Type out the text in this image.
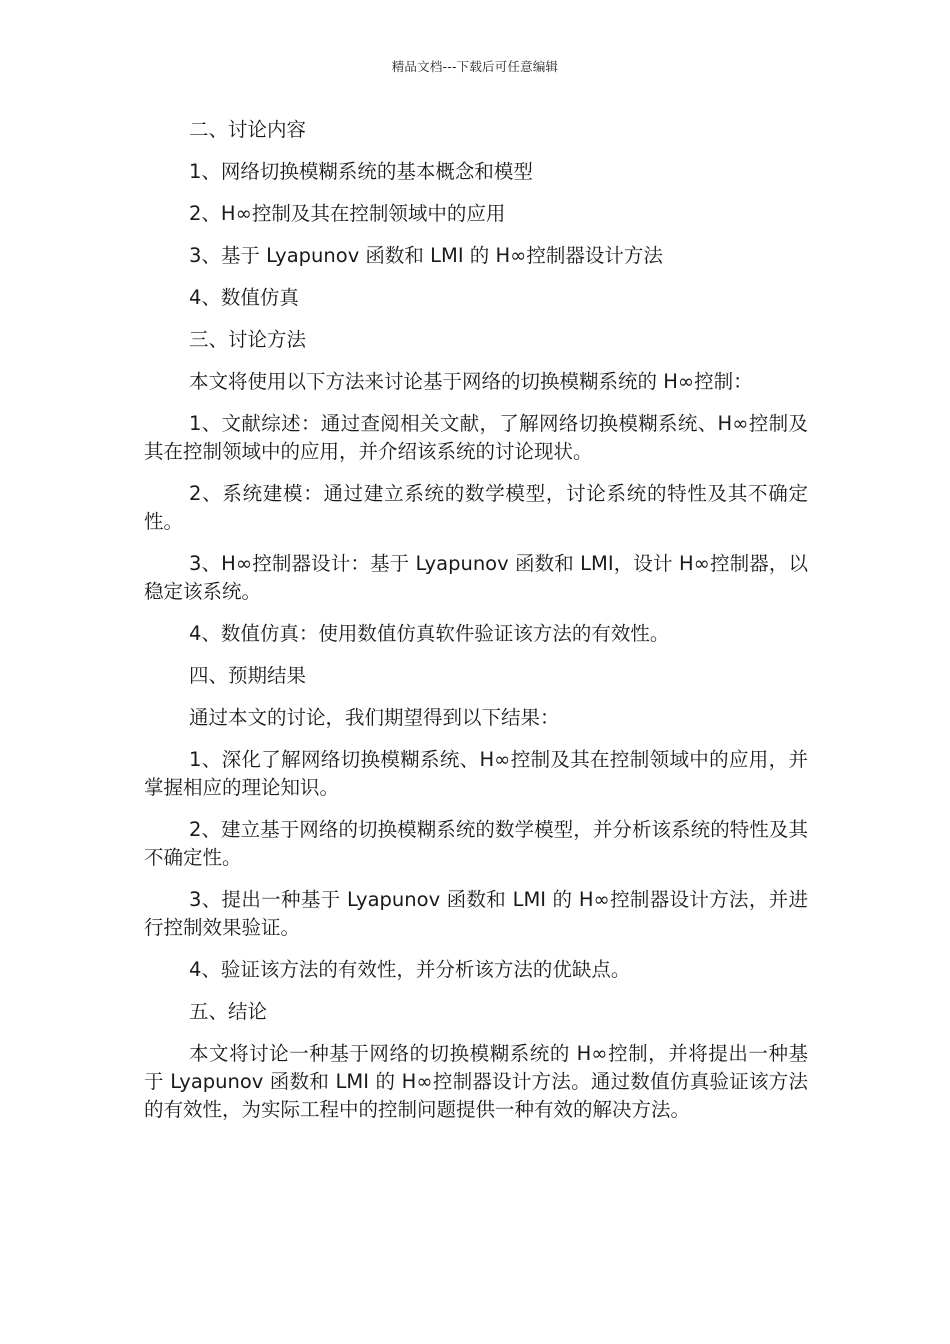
精品文档---下载后可任意编辑

二、讨论内容

1、网络切换模糊系统的基本概念和模型

2、H∞控制及其在控制领域中的应用

3、基于 Lyapunov 函数和 LMI 的 H∞控制器设计方法

4、数值仿真

三、讨论方法

本文将使用以下方法来讨论基于网络的切换模糊系统的 H∞控制：

1、文献综述：通过查阅相关文献，了解网络切换模糊系统、H∞控制及其在控制领域中的应用，并介绍该系统的讨论现状。

2、系统建模：通过建立系统的数学模型，讨论系统的特性及其不确定性。

3、H∞控制器设计：基于 Lyapunov 函数和 LMI，设计 H∞控制器，以稳定该系统。

4、数值仿真：使用数值仿真软件验证该方法的有效性。

四、预期结果

通过本文的讨论，我们期望得到以下结果：

1、深化了解网络切换模糊系统、H∞控制及其在控制领域中的应用，并掌握相应的理论知识。

2、建立基于网络的切换模糊系统的数学模型，并分析该系统的特性及其不确定性。

3、提出一种基于 Lyapunov 函数和 LMI 的 H∞控制器设计方法，并进行控制效果验证。

4、验证该方法的有效性，并分析该方法的优缺点。

五、结论

本文将讨论一种基于网络的切换模糊系统的 H∞控制，并将提出一种基于 Lyapunov 函数和 LMI 的 H∞控制器设计方法。通过数值仿真验证该方法的有效性，为实际工程中的控制问题提供一种有效的解决方法。
